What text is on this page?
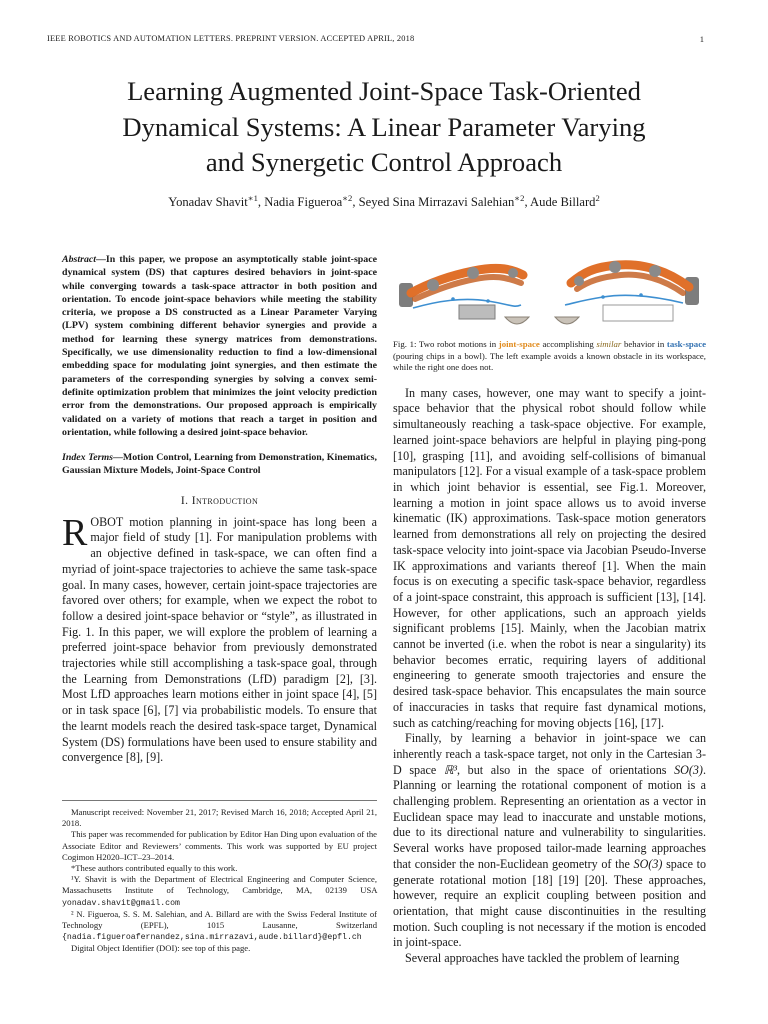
IEEE ROBOTICS AND AUTOMATION LETTERS. PREPRINT VERSION. ACCEPTED APRIL, 2018	1
Learning Augmented Joint-Space Task-Oriented
Dynamical Systems: A Linear Parameter Varying
and Synergetic Control Approach
Yonadav Shavit$^{∗1}$, Nadia Figueroa$^{∗2}$, Seyed Sina Mirrazavi Salehian$^{∗2}$, Aude Billard$^2$
Abstract—In this paper, we propose an asymptotically stable joint-space dynamical system (DS) that captures desired behaviors in joint-space while converging towards a task-space attractor in both position and orientation. To encode joint-space behaviors while meeting the stability criteria, we propose a DS constructed as a Linear Parameter Varying (LPV) system combining different behavior synergies and provide a method for learning these synergy matrices from demonstrations. Specifically, we use dimensionality reduction to find a low-dimensional embedding space for modulating joint synergies, and then estimate the parameters of the corresponding synergies by solving a convex semi-definite optimization problem that minimizes the joint velocity prediction error from the demonstrations. Our proposed approach is empirically validated on a variety of motions that reach a target in position and orientation, while following a desired joint-space behavior.
Index Terms—Motion Control, Learning from Demonstration, Kinematics, Gaussian Mixture Models, Joint-Space Control
I. Introduction

ROBOT motion planning in joint-space has long been a major field of study [1]. For manipulation problems with an objective defined in task-space, we can often find a myriad of joint-space trajectories to achieve the same task-space goal. In many cases, however, certain joint-space trajectories are favored over others; for example, when we expect the robot to follow a desired joint-space behavior or “style”, as illustrated in Fig. 1. In this paper, we will explore the problem of learning a preferred joint-space behavior from previously demonstrated trajectories while still accomplishing a task-space goal, through the Learning from Demonstrations (LfD) paradigm [2], [3]. Most LfD approaches learn motions either in joint space [4], [5] or in task space [6], [7] via probabilistic models. To ensure that the learnt models reach the desired task-space target, Dynamical System (DS) formulations have been used to ensure stability and convergence [8], [9].

Manuscript received: November 21, 2017; Revised March 16, 2018; Accepted April 21, 2018.

This paper was recommended for publication by Editor Han Ding upon evaluation of the Associate Editor and Reviewers’ comments. This work was supported by EU project Cogimon H2020–ICT–23–2014.

*These authors contributed equally to this work.

¹Y. Shavit is with the Department of Electrical Engineering and Computer Science, Massachusetts Institute of Technology, Cambridge, MA, 02139 USA yonadav.shavit@gmail.com

² N. Figueroa, S. S. M. Salehian, and A. Billard are with the Swiss Federal Institute of Technology (EPFL), 1015 Lausanne, Switzerland {nadia.figueroafernandez,sina.mirrazavi,aude.billard}@epfl.ch

Digital Object Identifier (DOI): see top of this page.

Fig. 1: Two robot motions in joint-space accomplishing similar behavior in task-space (pouring chips in a bowl). The left example avoids a known obstacle in its workspace, while the right one does not.

In many cases, however, one may want to specify a joint-space behavior that the physical robot should follow while simultaneously reaching a task-space objective. For example, learned joint-space behaviors are helpful in playing ping-pong [10], grasping [11], and avoiding self-collisions of bimanual manipulators [12]. For a visual example of a task-space problem in which joint behavior is essential, see Fig.1. Moreover, learning a motion in joint space allows us to avoid inverse kinematic (IK) approximations. Task-space motion generators learned from demonstrations all rely on projecting the desired task-space velocity into joint-space via Jacobian Pseudo-Inverse IK approximations and variants thereof [1]. When the main focus is on executing a specific task-space behavior, regardless of a joint-space constraint, this approach is sufficient [13], [14]. However, for other applications, such an approach yields significant problems [15]. Mainly, when the Jacobian matrix cannot be inverted (i.e. when the robot is near a singularity) its behavior becomes erratic, requiring layers of additional engineering to generate smooth trajectories and ensure the desired task-space behavior. This encapsulates the main source of inaccuracies in tasks that require fast dynamical motions, such as catching/reaching for moving objects [16], [17].

Finally, by learning a behavior in joint-space we can inherently reach a task-space target, not only in the Cartesian 3-D space ℝ³, but also in the space of orientations SO(3). Planning or learning the rotational component of motion is a challenging problem. Representing an orientation as a vector in Euclidean space may lead to inaccurate and unstable motions, due to its directional nature and vulnerability to singularities. Several works have proposed tailor-made learning approaches that consider the non-Euclidean geometry of the SO(3) space to generate rotational motion [18] [19] [20]. These approaches, however, require an explicit coupling between position and orientation, that might cause discontinuities in the resulting motion. Such coupling is not necessary if the motion is encoded in joint-space.

Several approaches have tackled the problem of learning
